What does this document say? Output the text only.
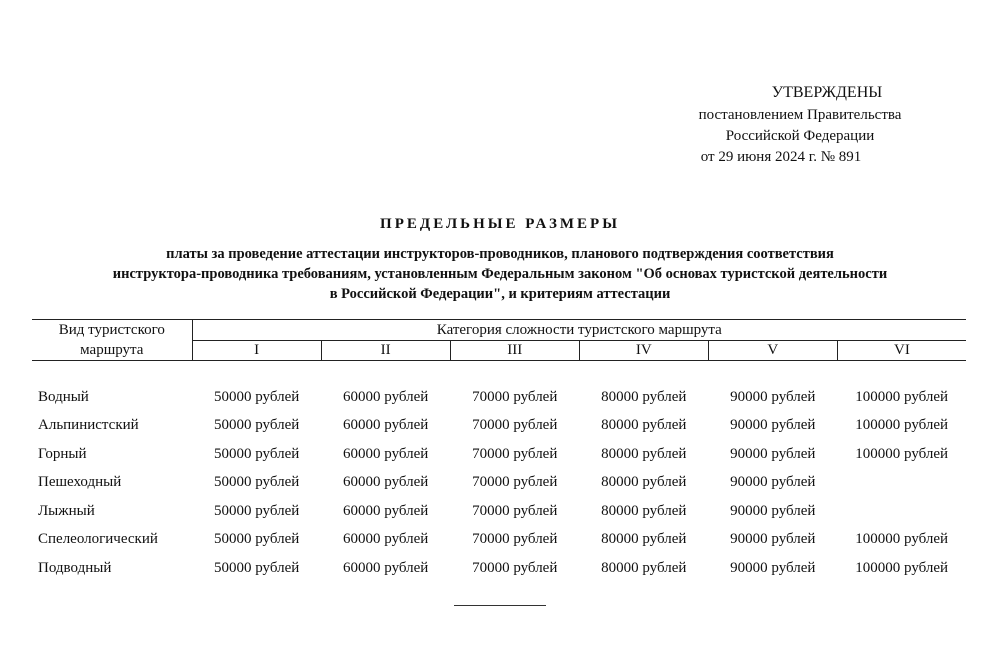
УТВЕРЖДЕНЫ
постановлением Правительства
Российской Федерации
от 29 июня 2024 г. № 891
ПРЕДЕЛЬНЫЕ РАЗМЕРЫ
платы за проведение аттестации инструкторов-проводников, планового подтверждения соответствия
инструктора-проводника требованиям, установленным Федеральным законом "Об основах туристской деятельности
в Российской Федерации", и критериям аттестации
Вид туристского маршрута	Категория сложности туристского маршрута					
	I	II	III	IV	V	VI

Водный	50000 рублей	60000 рублей	70000 рублей	80000 рублей	90000 рублей	100000 рублей
Альпинистский	50000 рублей	60000 рублей	70000 рублей	80000 рублей	90000 рублей	100000 рублей
Горный	50000 рублей	60000 рублей	70000 рублей	80000 рублей	90000 рублей	100000 рублей
Пешеходный	50000 рублей	60000 рублей	70000 рублей	80000 рублей	90000 рублей	
Лыжный	50000 рублей	60000 рублей	70000 рублей	80000 рублей	90000 рублей	
Спелеологический	50000 рублей	60000 рублей	70000 рублей	80000 рублей	90000 рублей	100000 рублей
Подводный	50000 рублей	60000 рублей	70000 рублей	80000 рублей	90000 рублей	100000 рублей
